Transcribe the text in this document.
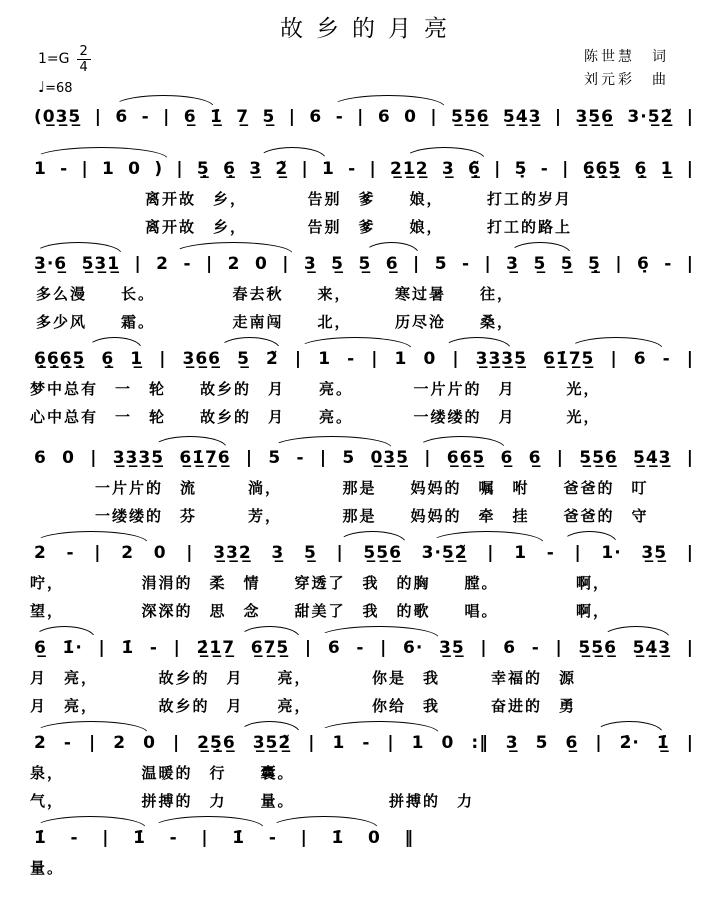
故乡的月亮
$1=G \frac{2}{4}$
♩=68
陈世慧　词
刘元彩　曲
(0̲3̲5̲ | 6 - | 6̲ 1̲̇ 7̲ 5̲ | 6 - | 6 0 | 5̲5̲6̲ 5̲4̲3̲ | 3̲5̲6̲ 3·5̲2̲̃ |
1 - | 1 0 ) | 5̣̲ 6̣̲ 3̲ 2̲̃ | 1 - | 2̲1̲2̲ 3̲ 6̣̲̃ | 5̣ - | 6̣̲6̣̲5̣̲ 6̣̲ 1̲ |
离开故　乡，　　　　告别　爹　　娘，　　　打工的岁月
离开故　乡，　　　　告别　爹　　娘，　　　打工的路上
3̲·6̲ 5̲3̲1̲ | 2 - | 2 0 | 3̲ 5̲ 5̲ 6̲ | 5 - | 3̲ 5̲ 5̲ 5̣̲ | 6̣ - |
多么漫　　长。　　　　　春去秋　　来，　　　寒过暑　　往，
多少风　　霜。　　　　　走南闯　　北，　　　历尽沧　　桑，
6̣̲6̣̲6̣̲5̣̲ 6̣̲ 1̲ | 3̲6̲6̲ 5̲ 2̃ | 1 - | 1 0 | 3̲3̲3̲5̲ 6̲1̲̇7̲5̲ | 6 - |
梦中总有　一　轮　　故乡的　月　　亮。　　　　一片片的　月　　　光，
心中总有　一　轮　　故乡的　月　　亮。　　　　一缕缕的　月　　　光，
6 0 | 3̲3̲3̲5̲ 6̲1̲̇7̲6̲ | 5 - | 5 0̲3̲5̲ | 6̲6̲5̲ 6̲ 6̲ | 5̲5̲6̲ 5̲4̲3̲ |
一片片的　流　　　淌，　　　　那是　　妈妈的　嘱　咐　　爸爸的　叮
一缕缕的　芬　　　芳，　　　　那是　　妈妈的　牵　挂　　爸爸的　守
2 - | 2 0 | 3̲3̲2̲ 3̲ 5̲ | 5̲5̲6̲ 3·5̲2̲̃ | 1 - | 1· 3̲5̲ |
咛，　　　　　涓涓的　柔　情　　穿透了　我　的胸　　膛。　　　　　啊，
望，　　　　　深深的　思　念　　甜美了　我　的歌　　唱。　　　　　啊，
6̲ 1̇· | 1̇ - | 2̲̇1̲7̲ 6̲7̲5̲ | 6 - | 6· 3̲5̲ | 6 - | 5̲5̲6̲ 5̲4̲3̲ |
月　亮，　　　　故乡的　月　　亮，　　　　你是　我　　　幸福的　源
月　亮，　　　　故乡的　月　　亮，　　　　你给　我　　　奋进的　勇
2 - | 2 0 | 2̲5̣̲6̲ 3̲5̲2̲̃ | 1 - | 1 0 :‖ 3̲ 5 6̲ | 2̇· 1̲̇ |
泉，　　　　　温暖的　行　　囊。
气，　　　　　拼搏的　力　　量。　　　　　　拼搏的　力
1̇ - | 1̇ - | 1̇ - | 1̇ 0 ‖
量。
